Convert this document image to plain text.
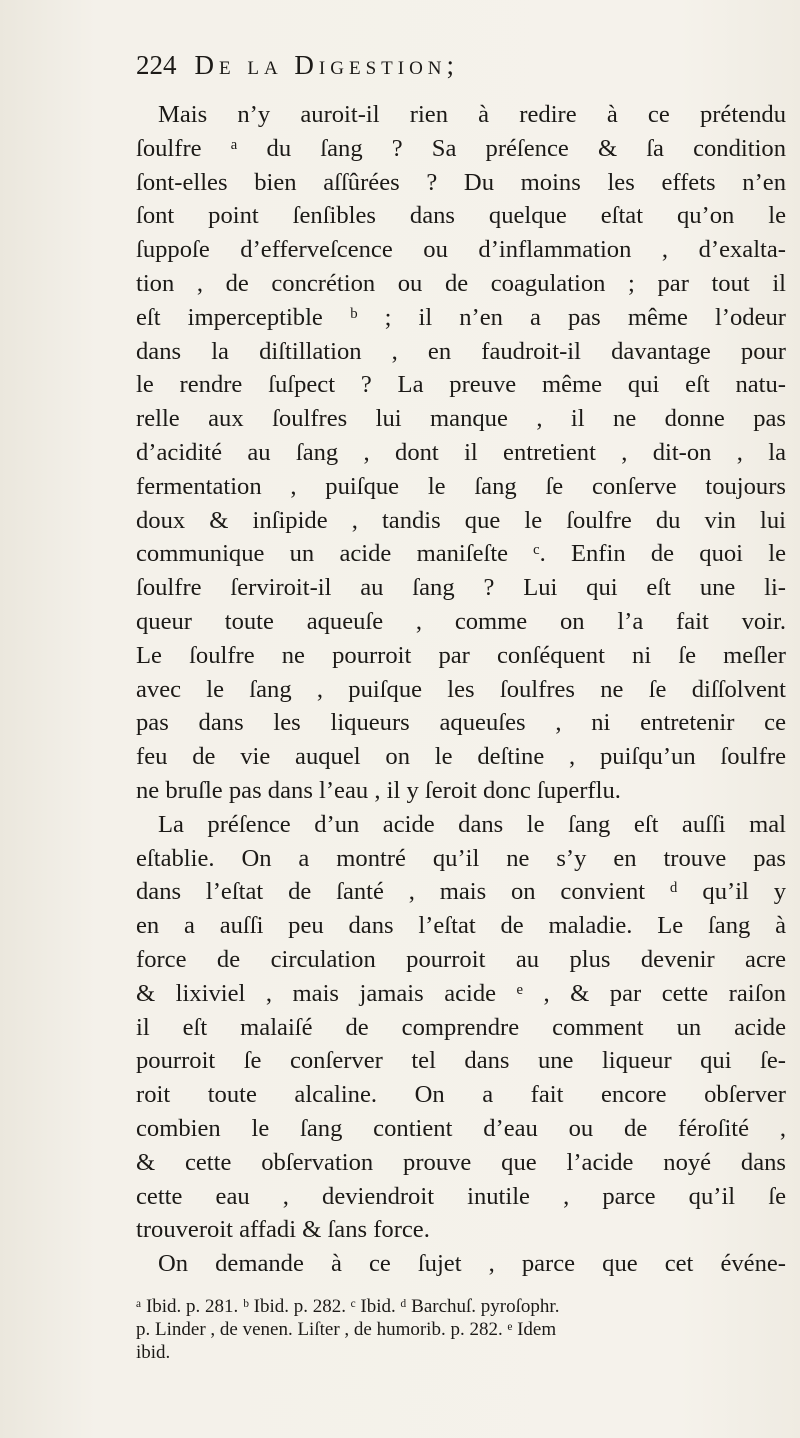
224 De la Digestion;
Mais n’y auroit-il rien à redire à ce prétendu
ſoulfre ᵃ du ſang ? Sa préſence & ſa condition
ſont-elles bien aſſûrées ? Du moins les effets n’en
ſont point ſenſibles dans quelque eſtat qu’on le
ſuppoſe d’efferveſcence ou d’inflammation , d’exalta-
tion , de concrétion ou de coagulation ; par tout il
eſt imperceptible ᵇ ; il n’en a pas même l’odeur
dans la diſtillation , en faudroit-il davantage pour
le rendre ſuſpect ? La preuve même qui eſt natu-
relle aux ſoulfres lui manque , il ne donne pas
d’acidité au ſang , dont il entretient , dit-on , la
fermentation , puiſque le ſang ſe conſerve toujours
doux & inſipide , tandis que le ſoulfre du vin lui
communique un acide maniſeſte ᶜ. Enfin de quoi le
ſoulfre ſerviroit-il au ſang ? Lui qui eſt une li-
queur toute aqueuſe , comme on l’a fait voir.
Le ſoulfre ne pourroit par conſéquent ni ſe meſler
avec le ſang , puiſque les ſoulfres ne ſe diſſolvent
pas dans les liqueurs aqueuſes , ni entretenir ce
feu de vie auquel on le deſtine , puiſqu’un ſoulfre
ne bruſle pas dans l’eau , il y ſeroit donc ſuperflu.
La préſence d’un acide dans le ſang eſt auſſi mal
eſtablie. On a montré qu’il ne s’y en trouve pas
dans l’eſtat de ſanté , mais on convient ᵈ qu’il y
en a auſſi peu dans l’eſtat de maladie. Le ſang à
force de circulation pourroit au plus devenir acre
& lixiviel , mais jamais acide ᵉ , & par cette raiſon
il eſt malaiſé de comprendre comment un acide
pourroit ſe conſerver tel dans une liqueur qui ſe-
roit toute alcaline. On a fait encore obſerver
combien le ſang contient d’eau ou de féroſité ,
& cette obſervation prouve que l’acide noyé dans
cette eau , deviendroit inutile , parce qu’il ſe
trouveroit affadi & ſans force.
On demande à ce ſujet , parce que cet événe-
ᵃ Ibid. p. 281. ᵇ Ibid. p. 282. ᶜ Ibid. ᵈ Barchuſ. pyroſophr.
p. Linder , de venen. Liſter , de humorib. p. 282. ᵉ Idem
ibid.
